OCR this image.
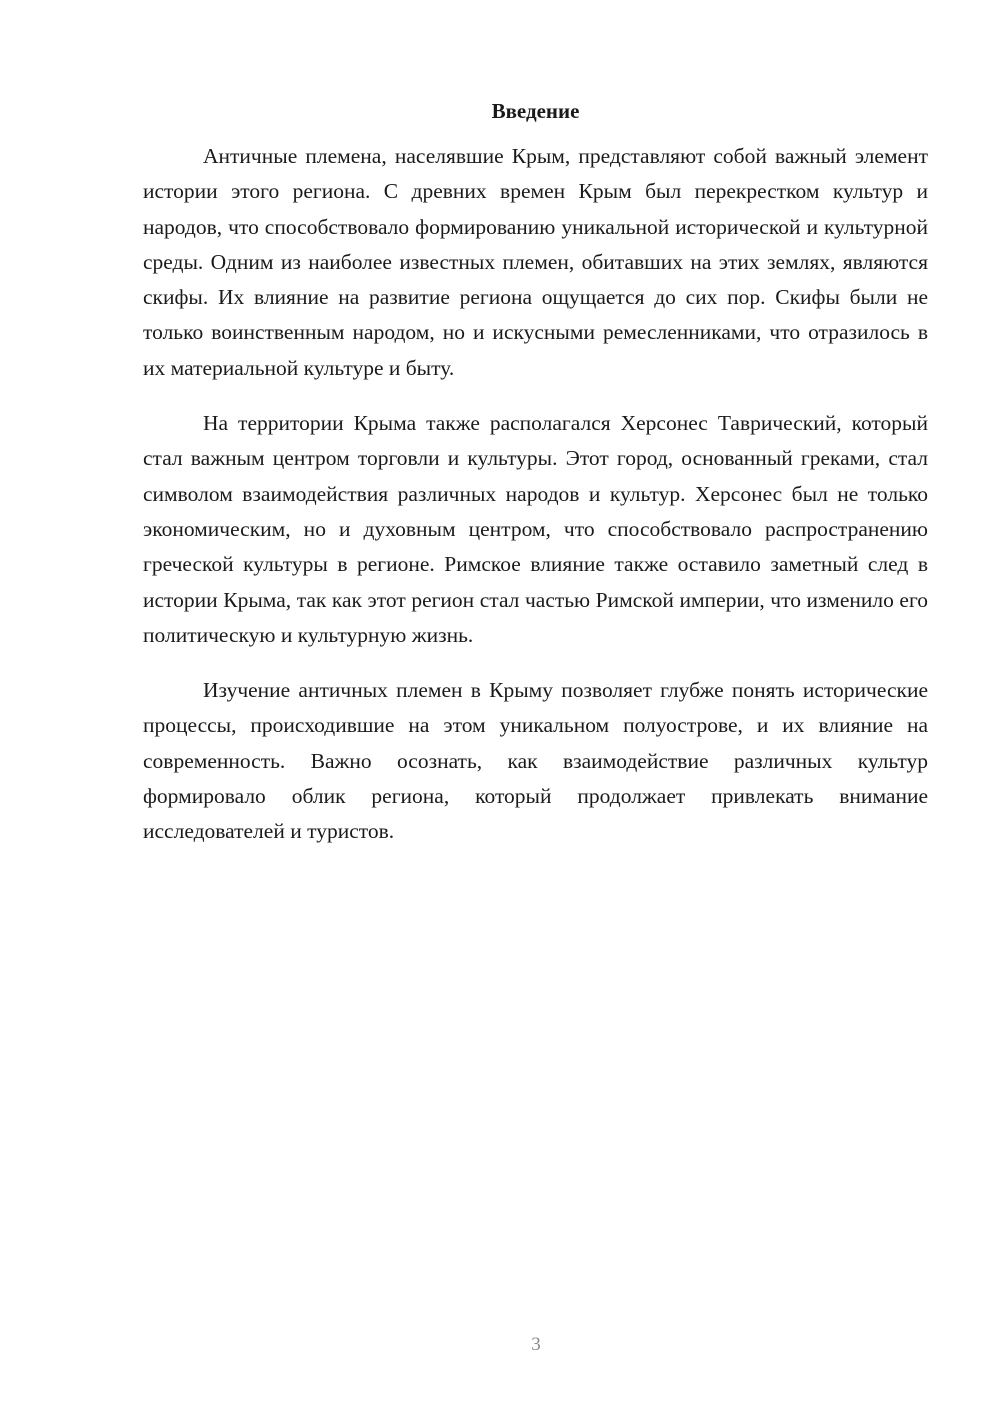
Введение

Античные племена, населявшие Крым, представляют собой важный элемент истории этого региона. С древних времен Крым был перекрестком культур и народов, что способствовало формированию уникальной исторической и культурной среды. Одним из наиболее известных племен, обитавших на этих землях, являются скифы. Их влияние на развитие региона ощущается до сих пор. Скифы были не только воинственным народом, но и искусными ремесленниками, что отразилось в их материальной культуре и быту.

На территории Крыма также располагался Херсонес Таврический, который стал важным центром торговли и культуры. Этот город, основанный греками, стал символом взаимодействия различных народов и культур. Херсонес был не только экономическим, но и духовным центром, что способствовало распространению греческой культуры в регионе. Римское влияние также оставило заметный след в истории Крыма, так как этот регион стал частью Римской империи, что изменило его политическую и культурную жизнь.

Изучение античных племен в Крыму позволяет глубже понять исторические процессы, происходившие на этом уникальном полуострове, и их влияние на современность. Важно осознать, как взаимодействие различных культур формировало облик региона, который продолжает привлекать внимание исследователей и туристов.

3
